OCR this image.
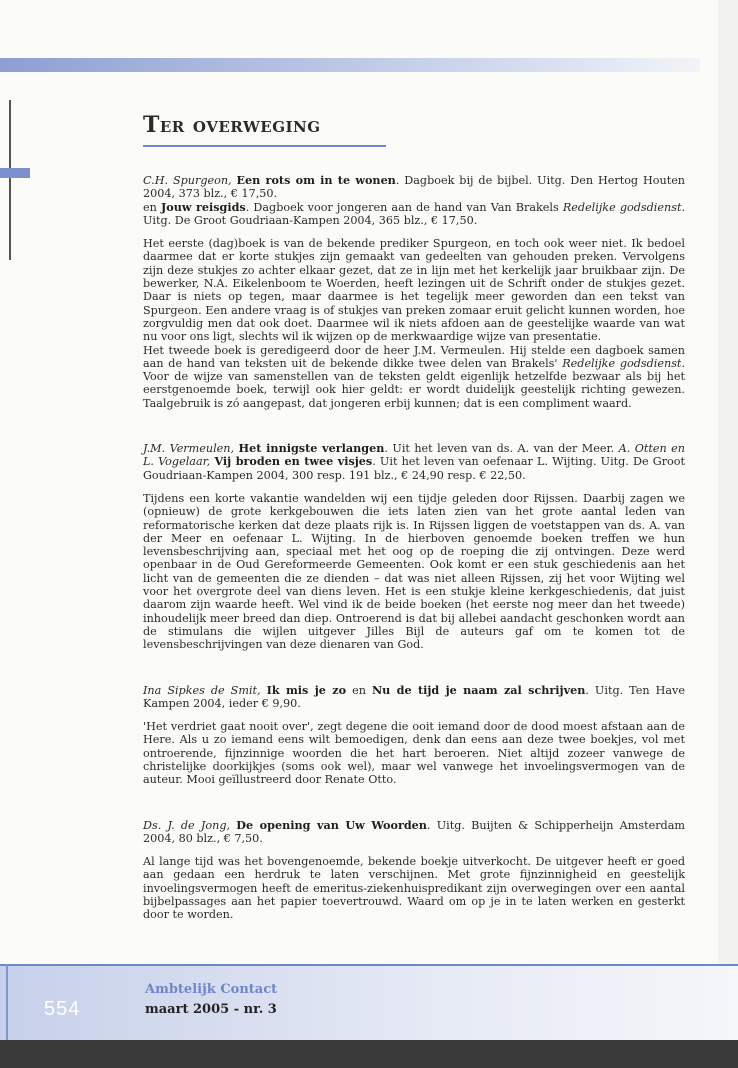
Ter overweging

C.H. Spurgeon, Een rots om in te wonen. Dagboek bij de bijbel. Uitg. Den Hertog Houten 2004, 373 blz., € 17,50.

en Jouw reisgids. Dagboek voor jongeren aan de hand van Van Brakels Redelijke godsdienst. Uitg. De Groot Goudriaan-Kampen 2004, 365 blz., € 17,50.

Het eerste (dag)boek is van de bekende prediker Spurgeon, en toch ook weer niet. Ik bedoel daarmee dat er korte stukjes zijn gemaakt van gedeelten van gehouden preken. Vervolgens zijn deze stukjes zo achter elkaar gezet, dat ze in lijn met het kerkelijk jaar bruikbaar zijn. De bewerker, N.A. Eikelenboom te Woerden, heeft lezingen uit de Schrift onder de stukjes gezet. Daar is niets op tegen, maar daarmee is het tegelijk meer geworden dan een tekst van Spurgeon. Een andere vraag is of stukjes van preken zomaar eruit gelicht kunnen worden, hoe zorgvuldig men dat ook doet. Daarmee wil ik niets afdoen aan de geestelijke waarde van wat nu voor ons ligt, slechts wil ik wijzen op de merkwaardige wijze van presentatie.

Het tweede boek is geredigeerd door de heer J.M. Vermeulen. Hij stelde een dagboek samen aan de hand van teksten uit de bekende dikke twee delen van Brakels' Redelijke godsdienst. Voor de wijze van samenstellen van de teksten geldt eigenlijk hetzelfde bezwaar als bij het eerstgenoemde boek, terwijl ook hier geldt: er wordt duidelijk geestelijk richting gewezen. Taalgebruik is zó aangepast, dat jongeren erbij kunnen; dat is een compliment waard.

J.M. Vermeulen, Het innigste verlangen. Uit het leven van ds. A. van der Meer. A. Otten en L. Vogelaar, Vij broden en twee visjes. Uit het leven van oefenaar L. Wijting. Uitg. De Groot Goudriaan-Kampen 2004, 300 resp. 191 blz., € 24,90 resp. € 22,50.

Tijdens een korte vakantie wandelden wij een tijdje geleden door Rijssen. Daarbij zagen we (opnieuw) de grote kerkgebouwen die iets laten zien van het grote aantal leden van reformatorische kerken dat deze plaats rijk is. In Rijssen liggen de voetstappen van ds. A. van der Meer en oefenaar L. Wijting. In de hierboven genoemde boeken treffen we hun levensbeschrijving aan, speciaal met het oog op de roeping die zij ontvingen. Deze werd openbaar in de Oud Gereformeerde Gemeenten. Ook komt er een stuk geschiedenis aan het licht van de gemeenten die ze dienden – dat was niet alleen Rijssen, zij het voor Wijting wel voor het overgrote deel van diens leven. Het is een stukje kleine kerkgeschiedenis, dat juist daarom zijn waarde heeft. Wel vind ik de beide boeken (het eerste nog meer dan het tweede) inhoudelijk meer breed dan diep. Ontroerend is dat bij allebei aandacht geschonken wordt aan de stimulans die wijlen uitgever Jilles Bijl de auteurs gaf om te komen tot de levensbeschrijvingen van deze dienaren van God.

Ina Sipkes de Smit, Ik mis je zo en Nu de tijd je naam zal schrijven. Uitg. Ten Have Kampen 2004, ieder € 9,90.

'Het verdriet gaat nooit over', zegt degene die ooit iemand door de dood moest afstaan aan de Here. Als u zo iemand eens wilt bemoedigen, denk dan eens aan deze twee boekjes, vol met ontroerende, fijnzinnige woorden die het hart beroeren. Niet altijd zozeer vanwege de christelijke doorkijkjes (soms ook wel), maar wel vanwege het invoelingsvermogen van de auteur. Mooi geïllustreerd door Renate Otto.

Ds. J. de Jong, De opening van Uw Woorden. Uitg. Buijten & Schipperheijn Amsterdam 2004, 80 blz., € 7,50.

Al lange tijd was het bovengenoemde, bekende boekje uitverkocht. De uitgever heeft er goed aan gedaan een herdruk te laten verschijnen. Met grote fijnzinnigheid en geestelijk invoelingsvermogen heeft de emeritus-ziekenhuispredikant zijn overwegingen over een aantal bijbelpassages aan het papier toevertrouwd. Waard om op je in te laten werken en gesterkt door te worden.

554
Ambtelijk Contact
maart 2005 - nr. 3
